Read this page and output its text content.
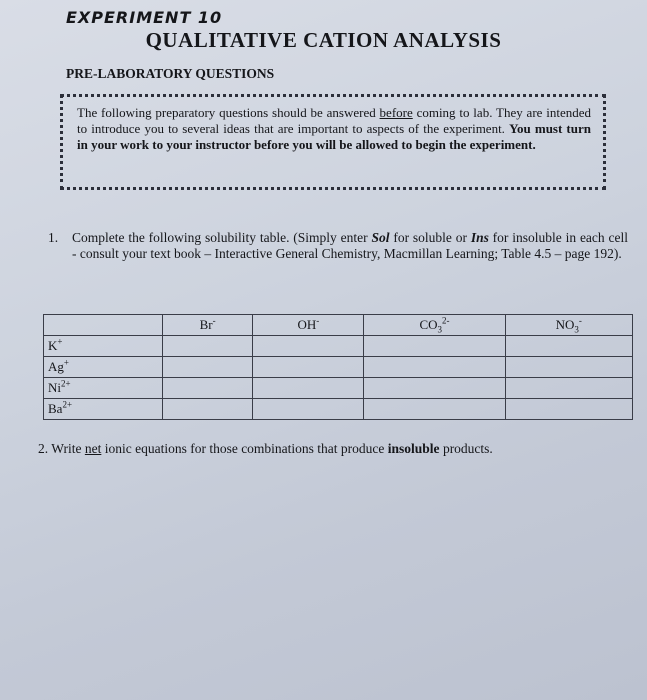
EXPERIMENT 10
QUALITATIVE CATION ANALYSIS
PRE-LABORATORY QUESTIONS
The following preparatory questions should be answered before coming to lab. They are intended to introduce you to several ideas that are important to aspects of the experiment. You must turn in your work to your instructor before you will be allowed to begin the experiment.
1. Complete the following solubility table. (Simply enter Sol for soluble or Ins for insoluble in each cell - consult your text book – Interactive General Chemistry, Macmillan Learning; Table 4.5 – page 192).
	Br-	OH-	$CO_3^{2-}$	$NO_3^-$
K+				
Ag+				
$Ni^{2+}$				
$Ba^{2+}$				
2. Write net ionic equations for those combinations that produce insoluble products.
